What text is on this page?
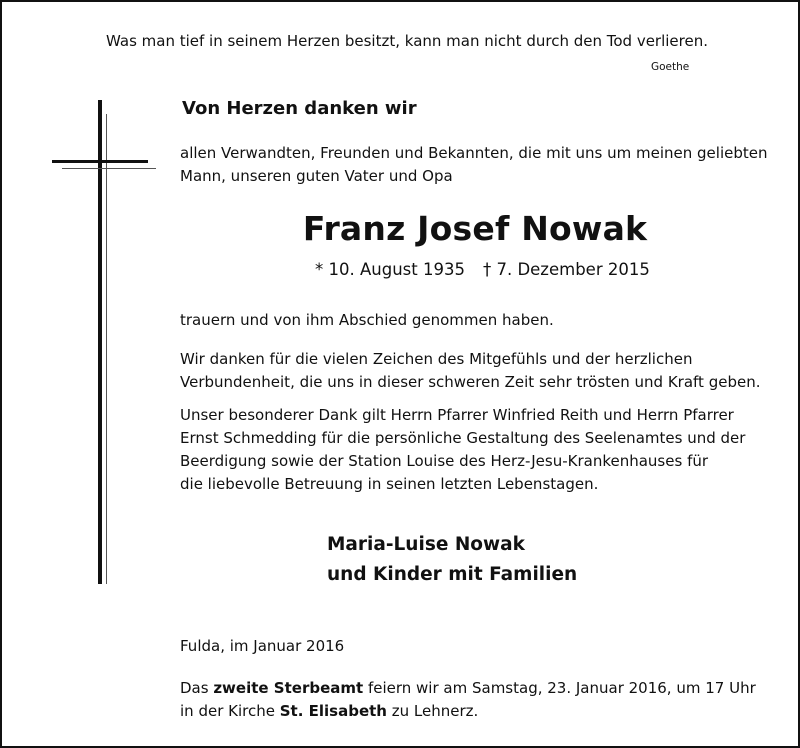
Was man tief in seinem Herzen besitzt, kann man nicht durch den Tod verlieren.
Goethe
Von Herzen danken wir
allen Verwandten, Freunden und Bekannten, die mit uns um meinen geliebten
Mann, unseren guten Vater und Opa
Franz Josef Nowak
* 10. August 1935 † 7. Dezember 2015
trauern und von ihm Abschied genommen haben.
Wir danken für die vielen Zeichen des Mitgefühls und der herzlichen
Verbundenheit, die uns in dieser schweren Zeit sehr trösten und Kraft geben.
Unser besonderer Dank gilt Herrn Pfarrer Winfried Reith und Herrn Pfarrer
Ernst Schmedding für die persönliche Gestaltung des Seelenamtes und der
Beerdigung sowie der Station Louise des Herz-Jesu-Krankenhauses für
die liebevolle Betreuung in seinen letzten Lebenstagen.
Maria-Luise Nowak
und Kinder mit Familien
Fulda, im Januar 2016
Das zweite Sterbeamt feiern wir am Samstag, 23. Januar 2016, um 17 Uhr
in der Kirche St. Elisabeth zu Lehnerz.
